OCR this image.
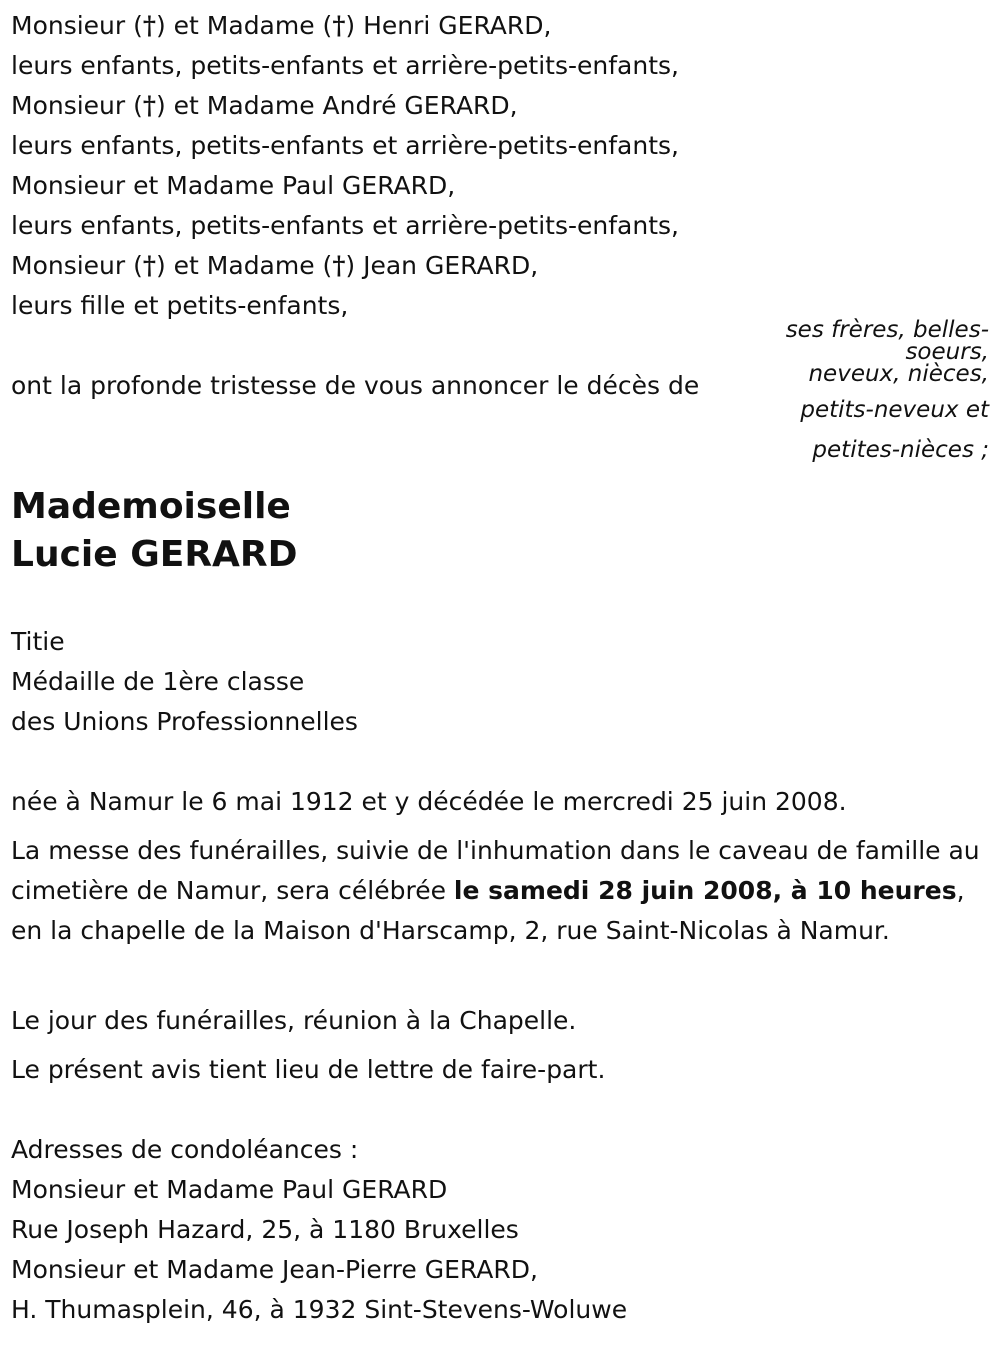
Monsieur (†) et Madame (†) Henri GERARD,
leurs enfants, petits-enfants et arrière-petits-enfants,
Monsieur (†) et Madame André GERARD,
leurs enfants, petits-enfants et arrière-petits-enfants,
Monsieur et Madame Paul GERARD,
leurs enfants, petits-enfants et arrière-petits-enfants,
Monsieur (†) et Madame (†) Jean GERARD,
leurs fille et petits-enfants,
ses frères, belles-
soeurs,
neveux, nièces,
petits-neveux et
petites-nièces ;
ont la profonde tristesse de vous annoncer le décès de
Mademoiselle
Lucie GERARD
Titie
Médaille de 1ère classe
des Unions Professionnelles
née à Namur le 6 mai 1912 et y décédée le mercredi 25 juin 2008.
La messe des funérailles, suivie de l'inhumation dans le caveau de famille au cimetière de Namur, sera célébrée le samedi 28 juin 2008, à 10 heures, en la chapelle de la Maison d'Harscamp, 2, rue Saint-Nicolas à Namur.
Le jour des funérailles, réunion à la Chapelle.
Le présent avis tient lieu de lettre de faire-part.
Adresses de condoléances :
Monsieur et Madame Paul GERARD
Rue Joseph Hazard, 25, à 1180 Bruxelles
Monsieur et Madame Jean-Pierre GERARD,
H. Thumasplein, 46, à 1932 Sint-Stevens-Woluwe
